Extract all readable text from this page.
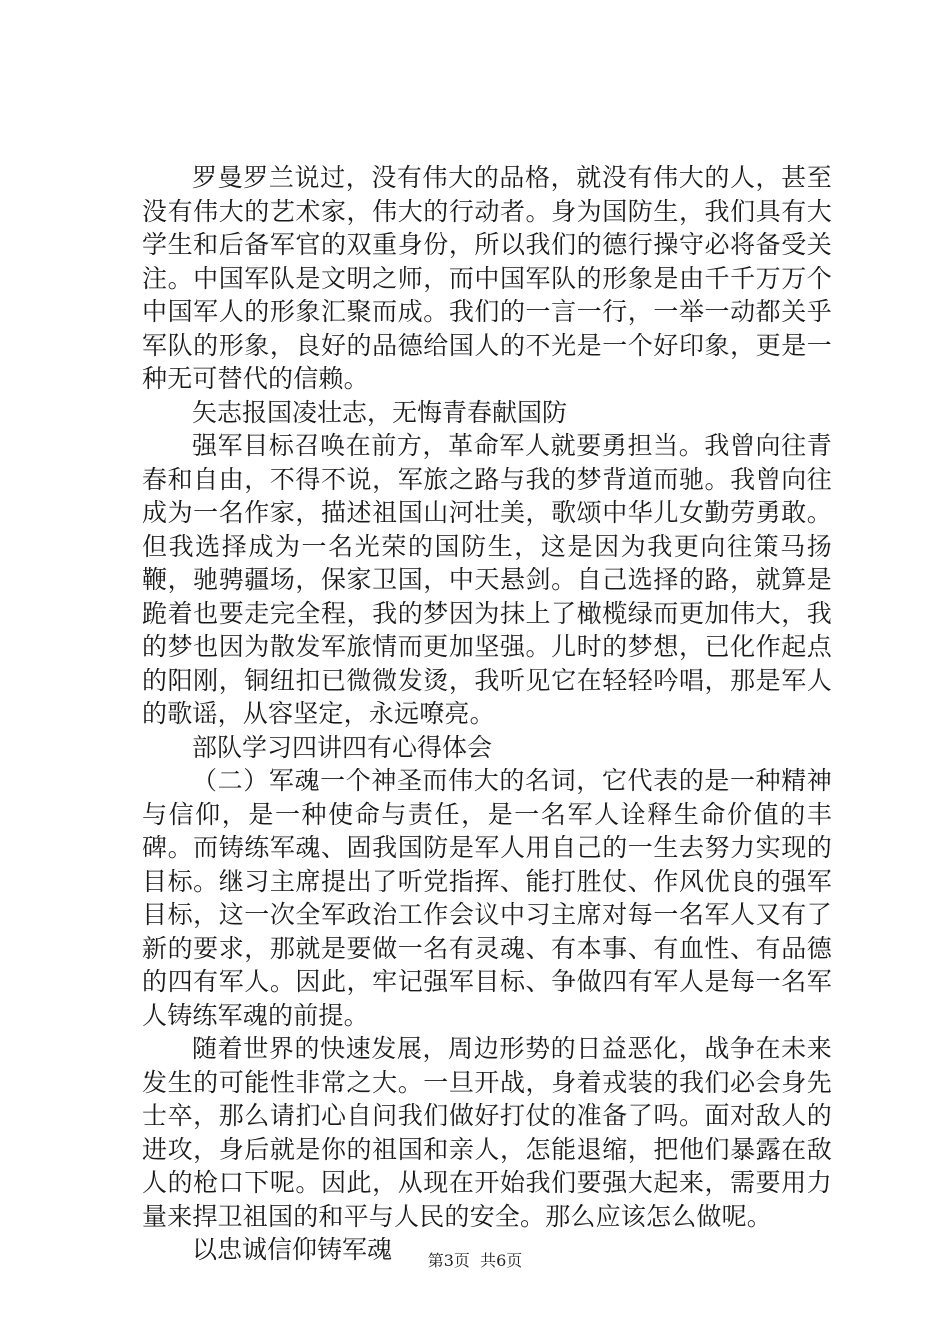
罗曼罗兰说过，没有伟大的品格，就没有伟大的人，甚至没有伟大的艺术家，伟大的行动者。身为国防生，我们具有大学生和后备军官的双重身份，所以我们的德行操守必将备受关注。中国军队是文明之师，而中国军队的形象是由千千万万个中国军人的形象汇聚而成。我们的一言一行，一举一动都关乎军队的形象，良好的品德给国人的不光是一个好印象，更是一种无可替代的信赖。

矢志报国凌壮志，无悔青春献国防

强军目标召唤在前方，革命军人就要勇担当。我曾向往青春和自由，不得不说，军旅之路与我的梦背道而驰。我曾向往成为一名作家，描述祖国山河壮美，歌颂中华儿女勤劳勇敢。但我选择成为一名光荣的国防生，这是因为我更向往策马扬鞭，驰骋疆场，保家卫国，中天悬剑。自己选择的路，就算是跪着也要走完全程，我的梦因为抹上了橄榄绿而更加伟大，我的梦也因为散发军旅情而更加坚强。儿时的梦想，已化作起点的阳刚，铜纽扣已微微发烫，我听见它在轻轻吟唱，那是军人的歌谣，从容坚定，永远嘹亮。

部队学习四讲四有心得体会

（二）军魂一个神圣而伟大的名词，它代表的是一种精神与信仰，是一种使命与责任，是一名军人诠释生命价值的丰碑。而铸练军魂、固我国防是军人用自己的一生去努力实现的目标。继习主席提出了听党指挥、能打胜仗、作风优良的强军目标，这一次全军政治工作会议中习主席对每一名军人又有了新的要求，那就是要做一名有灵魂、有本事、有血性、有品德的四有军人。因此，牢记强军目标、争做四有军人是每一名军人铸练军魂的前提。

随着世界的快速发展，周边形势的日益恶化，战争在未来发生的可能性非常之大。一旦开战，身着戎装的我们必会身先士卒，那么请扪心自问我们做好打仗的准备了吗。面对敌人的进攻，身后就是你的祖国和亲人，怎能退缩，把他们暴露在敌人的枪口下呢。因此，从现在开始我们要强大起来，需要用力量来捍卫祖国的和平与人民的安全。那么应该怎么做呢。

以忠诚信仰铸军魂	第3页  共6页
